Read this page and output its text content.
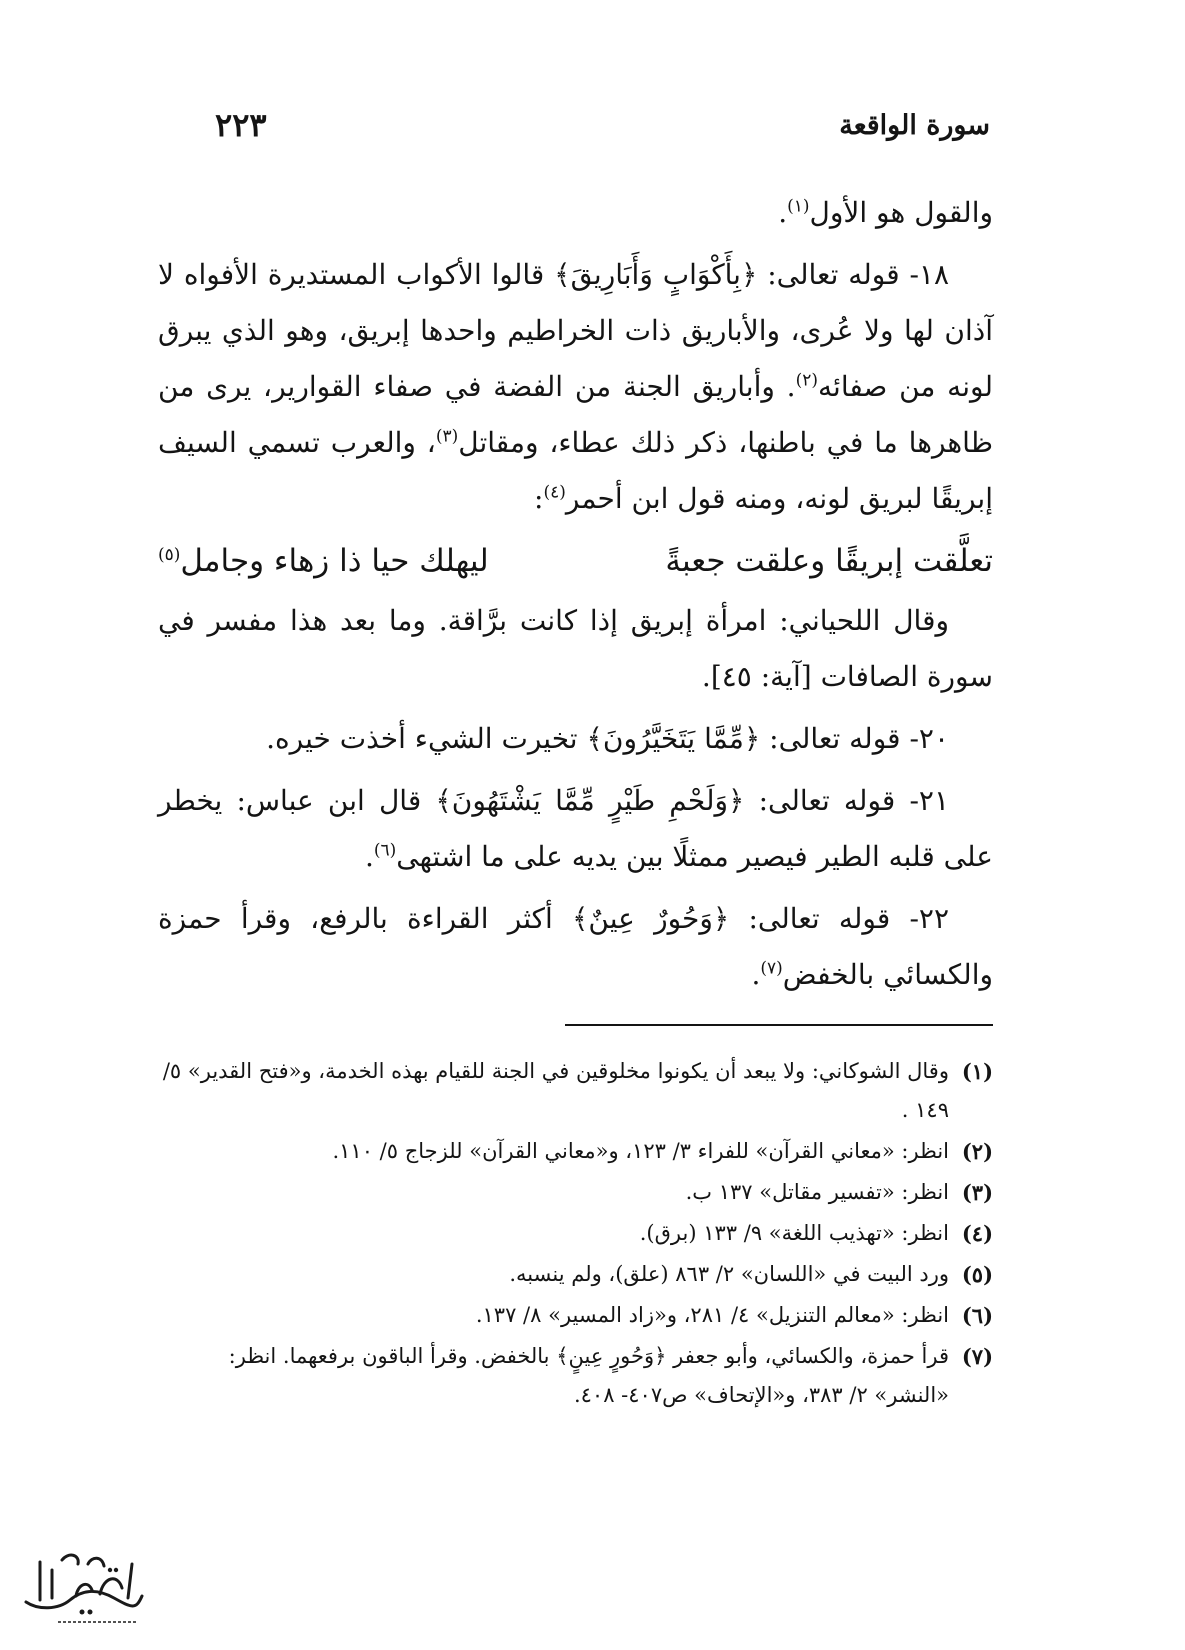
سورة الواقعة
٢٢٣

والقول هو الأول$^{(١)}$.

١٨- قوله تعالى: ﴿بِأَكْوَابٍ وَأَبَارِيقَ﴾ قالوا الأكواب المستديرة الأفواه لا آذان لها ولا عُرى، والأباريق ذات الخراطيم واحدها إبريق، وهو الذي يبرق لونه من صفائه$^{(٢)}$. وأباريق الجنة من الفضة في صفاء القوارير، يرى من ظاهرها ما في باطنها، ذكر ذلك عطاء، ومقاتل$^{(٣)}$، والعرب تسمي السيف إبريقًا لبريق لونه، ومنه قول ابن أحمر$^{(٤)}$:

تعلَّقت إبريقًا وعلقت جعبةً
ليهلك حيا ذا زهاء وجامل(٥)

وقال اللحياني: امرأة إبريق إذا كانت برَّاقة. وما بعد هذا مفسر في سورة الصافات [آية: ٤٥].

٢٠- قوله تعالى: ﴿مِّمَّا يَتَخَيَّرُونَ﴾ تخيرت الشيء أخذت خيره.

٢١- قوله تعالى: ﴿وَلَحْمِ طَيْرٍ مِّمَّا يَشْتَهُونَ﴾ قال ابن عباس: يخطر على قلبه الطير فيصير ممثلًا بين يديه على ما اشتهى$^{(٦)}$.

٢٢- قوله تعالى: ﴿وَحُورٌ عِينٌ﴾ أكثر القراءة بالرفع، وقرأ حمزة والكسائي بالخفض$^{(٧)}$.

(١)
وقال الشوكاني: ولا يبعد أن يكونوا مخلوقين في الجنة للقيام بهذه الخدمة، و«فتح القدير» ٥/ ١٤٩ .
(٢)
انظر: «معاني القرآن» للفراء ٣/ ١٢٣، و«معاني القرآن» للزجاج ٥/ ١١٠.
(٣)
انظر: «تفسير مقاتل» ١٣٧ ب.
(٤)
انظر: «تهذيب اللغة» ٩/ ١٣٣ (برق).
(٥)
ورد البيت في «اللسان» ٢/ ٨٦٣ (علق)، ولم ينسبه.
(٦)
انظر: «معالم التنزيل» ٤/ ٢٨١، و«زاد المسير» ٨/ ١٣٧.
(٧)
قرأ حمزة، والكسائي، وأبو جعفر ﴿وَحُورٍ عِينٍ﴾ بالخفض. وقرأ الباقون برفعهما. انظر: «النشر» ٢/ ٣٨٣، و«الإتحاف» ص٤٠٧- ٤٠٨.
